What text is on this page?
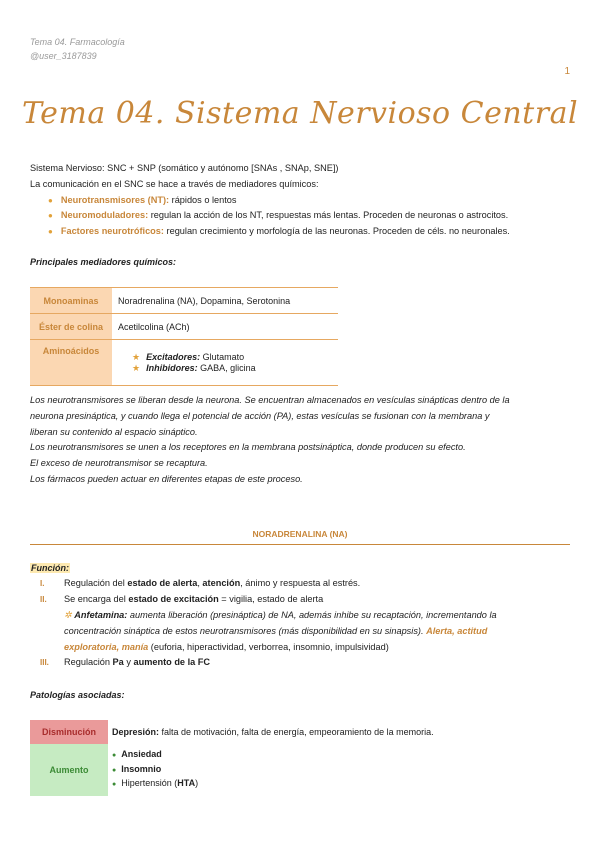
Tema 04. Farmacología
@user_3187839
1
Tema 04. Sistema Nervioso Central
Sistema Nervioso: SNC + SNP (somático y autónomo [SNAs , SNAp, SNE])
La comunicación en el SNC se hace a través de mediadores químicos:
● Neurotransmisores (NT): rápidos o lentos
● Neuromoduladores: regulan la acción de los NT, respuestas más lentas. Proceden de neuronas o astrocitos.
● Factores neurotróficos: regulan crecimiento y morfología de las neuronas. Proceden de céls. no neuronales.
Principales mediadores químicos:
Monoaminas	Noradrenalina (NA), Dopamina, Serotonina
Éster de colina	Acetilcolina (ACh)
Aminoácidos	★ Excitadores: Glutamato
★ Inhibidores: GABA, glicina
Los neurotransmisores se liberan desde la neurona. Se encuentran almacenados en vesículas sinápticas dentro de la
neurona presináptica, y cuando llega el potencial de acción (PA), estas vesículas se fusionan con la membrana y
liberan su contenido al espacio sináptico.
Los neurotransmisores se unen a los receptores en la membrana postsináptica, donde producen su efecto.
El exceso de neurotransmisor se recaptura.
Los fármacos pueden actuar en diferentes etapas de este proceso.
NORADRENALINA (NA)
Función:
I. Regulación del estado de alerta, atención, ánimo y respuesta al estrés.
II. Se encarga del estado de excitación = vigilia, estado de alerta
✲ Anfetamina: aumenta liberación (presináptica) de NA, además inhibe su recaptación, incrementando la
concentración sináptica de estos neurotransmisores (más disponibilidad en su sinapsis). Alerta, actitud
exploratoria, manía (euforia, hiperactividad, verborrea, insomnio, impulsividad)
III. Regulación Pa y aumento de la FC
Patologías asociadas:
Disminución	Depresión: falta de motivación, falta de energía, empeoramiento de la memoria.
Aumento	● Ansiedad
● Insomnio
● Hipertensión (HTA)
